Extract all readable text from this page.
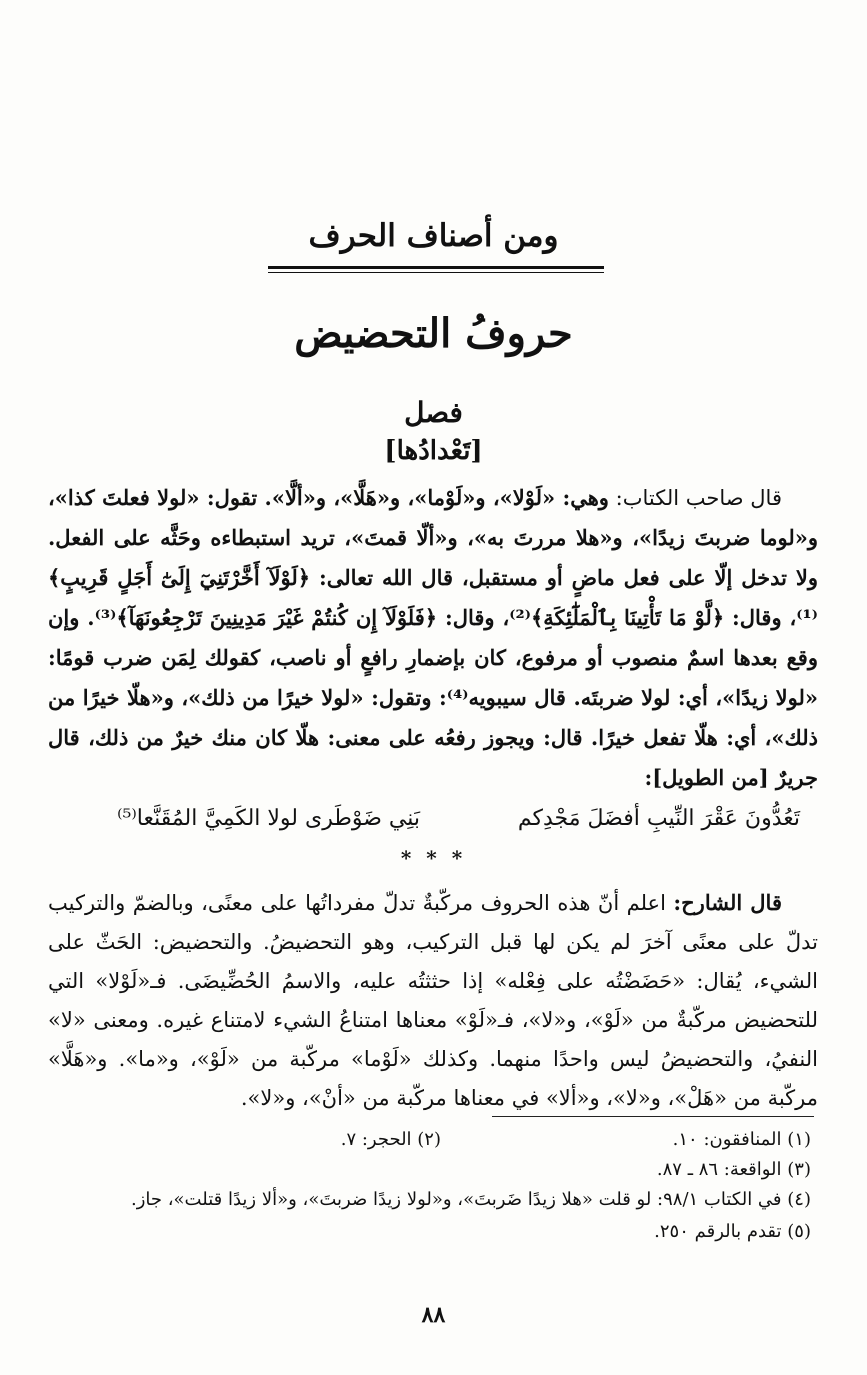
ومن أصناف الحرف
حروفُ التحضيض
فصل
[تَعْدادُها]
قال صاحب الكتاب: وهي: «لَوْلا»، و«لَوْما»، و«هَلَّا»، و«ألَّا». تقول: «لولا فعلتَ كذا»، و«لوما ضربتَ زيدًا»، و«هلا مررتَ به»، و«ألّا قمتَ»، تريد استبطاءه وحَثَّه على الفعل. ولا تدخل إلّا على فعل ماضٍ أو مستقبل، قال الله تعالى: ﴿لَوْلَآ أَخَّرْتَنِيٓ إِلَىٰٓ أَجَلٍ قَرِيبٍ﴾⁽¹⁾، وقال: ﴿لَّوْ مَا تَأْتِينَا بِٱلْمَلَٰٓئِكَةِ﴾⁽²⁾، وقال: ﴿فَلَوْلَآ إِن كُنتُمْ غَيْرَ مَدِينِينَ تَرْجِعُونَهَآ﴾⁽³⁾. وإن وقع بعدها اسمٌ منصوب أو مرفوع، كان بإضمارِ رافعٍ أو ناصب، كقولك لِمَن ضرب قومًا: «لولا زيدًا»، أي: لولا ضربتَه. قال سيبويه⁽⁴⁾: وتقول: «لولا خيرًا من ذلك»، و«هلّا خيرًا من ذلك»، أي: هلّا تفعل خيرًا. قال: ويجوز رفعُه على معنى: هلّا كان منك خيرٌ من ذلك، قال جريرٌ [من الطويل]:
تَعُدُّونَ عَقْرَ النِّيبِ أفضَلَ مَجْدِكم
بَنِي ضَوْطَرى لولا الكَمِيَّ المُقَنَّعا⁽⁵⁾
* * *
قال الشارح: اعلم أنّ هذه الحروف مركّبةٌ تدلّ مفرداتُها على معنًى، وبالضمّ والتركيب تدلّ على معنًى آخرَ لم يكن لها قبل التركيب، وهو التحضيضُ. والتحضيض: الحَثّ على الشيء، يُقال: «حَضَضْتُه على فِعْله» إذا حثثتُه عليه، والاسمُ الحُضِّيضَى. فـ«لَوْلا» التي للتحضيض مركّبةٌ من «لَوْ»، و«لا»، فـ«لَوْ» معناها امتناعُ الشيء لامتناع غيره. ومعنى «لا» النفيُ، والتحضيضُ ليس واحدًا منهما. وكذلك «لَوْما» مركّبة من «لَوْ»، و«ما». و«هَلَّا» مركّبة من «هَلْ»، و«لا»، و«ألا» في معناها مركّبة من «أنْ»، و«لا».
(١) المنافقون: ١٠.
(٢) الحجر: ٧.
(٣) الواقعة: ٨٦ ـ ٨٧.
(٤) في الكتاب ٩٨/١: لو قلت «هلا زيدًا ضَربتَ»، و«لولا زيدًا ضربتَ»، و«ألا زيدًا قتلت»، جاز.
(٥) تقدم بالرقم ٢٥٠.
٨٨
